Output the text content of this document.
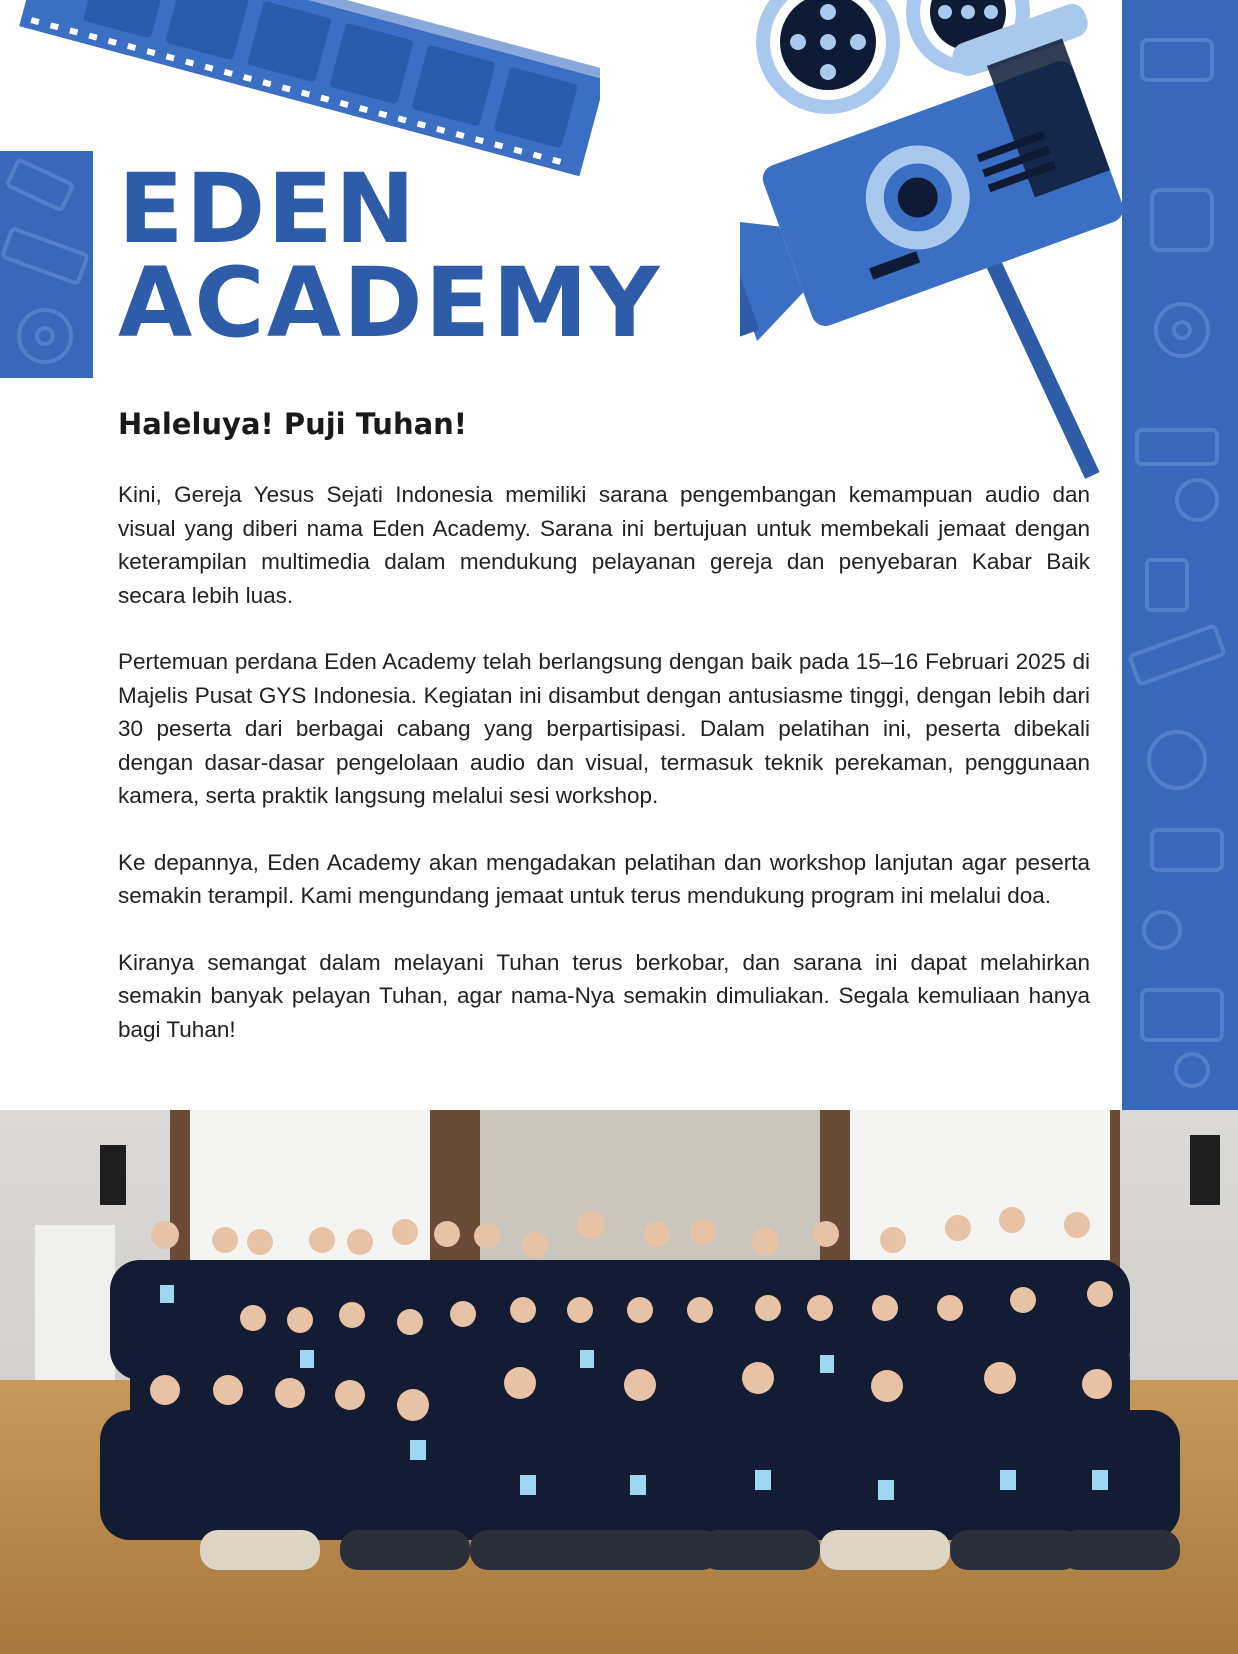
EDEN
ACADEMY
Haleluya! Puji Tuhan!

Kini, Gereja Yesus Sejati Indonesia memiliki sarana pengembangan kemampuan audio dan visual yang diberi nama Eden Academy. Sarana ini bertujuan untuk membekali jemaat dengan keterampilan multimedia dalam mendukung pelayanan gereja dan penyebaran Kabar Baik secara lebih luas.

Pertemuan perdana Eden Academy telah berlangsung dengan baik pada 15–16 Februari 2025 di Majelis Pusat GYS Indonesia. Kegiatan ini disambut dengan antusiasme tinggi, dengan lebih dari 30 peserta dari berbagai cabang yang berpartisipasi. Dalam pelatihan ini, peserta dibekali dengan dasar-dasar pengelolaan audio dan visual, termasuk teknik perekaman, penggunaan kamera, serta praktik langsung melalui sesi workshop.

Ke depannya, Eden Academy akan mengadakan pelatihan dan workshop lanjutan agar peserta semakin terampil. Kami mengundang jemaat untuk terus mendukung program ini melalui doa.

Kiranya semangat dalam melayani Tuhan terus berkobar, dan sarana ini dapat melahirkan semakin banyak pelayan Tuhan, agar nama-Nya semakin dimuliakan. Segala kemuliaan hanya bagi Tuhan!
